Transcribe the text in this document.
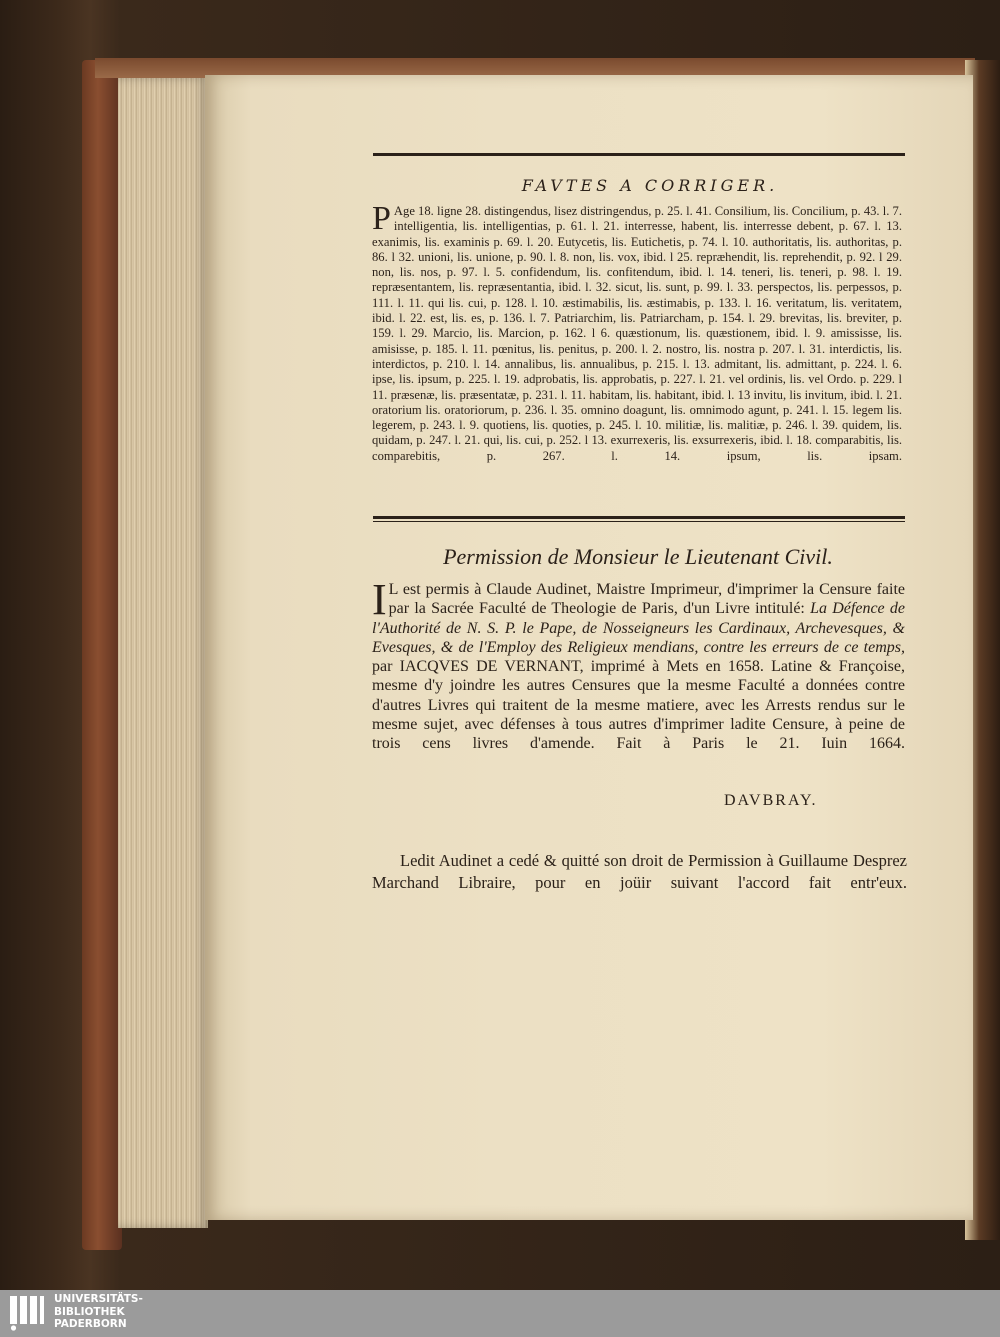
FAVTES A CORRIGER.
P Age 18. ligne 28. distingendus, lisez distringendus, p. 25. l. 41. Consilium, lis. Concilium, p. 43. l. 7. intelligentia, lis. intelligentias, p. 61. l. 21. interresse, habent, lis. interresse debent, p. 67. l. 13. exanimis, lis. examinis p. 69. l. 20. Eutycetis, lis. Eutichetis, p. 74. l. 10. authoritatis, lis. authoritas, p. 86. l 32. unioni, lis. unione, p. 90. l. 8. non, lis. vox, ibid. l 25. repræhendit, lis. reprehendit, p. 92. l 29. non, lis. nos, p. 97. l. 5. confidendum, lis. confitendum, ibid. l. 14. teneri, lis. teneri, p. 98. l. 19. repræsentantem, lis. repræsentantia, ibid. l. 32. sicut, lis. sunt, p. 99. l. 33. perspectos, lis. perpessos, p. 111. l. 11. qui lis. cui, p. 128. l. 10. æstimabilis, lis. æstimabis, p. 133. l. 16. veritatum, lis. veritatem, ibid. l. 22. est, lis. es, p. 136. l. 7. Patriarchim, lis. Patriarcham, p. 154. l. 29. brevitas, lis. breviter, p. 159. l. 29. Marcio, lis. Marcion, p. 162. l 6. quæstionum, lis. quæstionem, ibid. l. 9. amississe, lis. amisisse, p. 185. l. 11. pœnitus, lis. penitus, p. 200. l. 2. nostro, lis. nostra p. 207. l. 31. interdictis, lis. interdictos, p. 210. l. 14. annalibus, lis. annualibus, p. 215. l. 13. admitant, lis. admittant, p. 224. l. 6. ipse, lis. ipsum, p. 225. l. 19. adprobatis, lis. approbatis, p. 227. l. 21. vel ordinis, lis. vel Ordo. p. 229. l 11. præsenæ, lis. præsentatæ, p. 231. l. 11. habitam, lis. habitant, ibid. l. 13 invitu, lis invitum, ibid. l. 21. oratorium lis. oratoriorum, p. 236. l. 35. omnino doagunt, lis. omnimodo agunt, p. 241. l. 15. legem lis. legerem, p. 243. l. 9. quotiens, lis. quoties, p. 245. l. 10. militiæ, lis. malitiæ, p. 246. l. 39. quidem, lis. quidam, p. 247. l. 21. qui, lis. cui, p. 252. l 13. exurrexeris, lis. exsurrexeris, ibid. l. 18. comparabitis, lis. comparebitis, p. 267. l. 14. ipsum, lis. ipsam.
Permission de Monsieur le Lieutenant Civil.
I L est permis à Claude Audinet, Maistre Imprimeur, d'imprimer la Censure faite par la Sacrée Faculté de Theologie de Paris, d'un Livre intitulé: La Défence de l'Authorité de N. S. P. le Pape, de Nosseigneurs les Cardinaux, Archevesques, & Evesques, & de l'Employ des Religieux mendians, contre les erreurs de ce temps, par IACQVES DE VERNANT, imprimé à Mets en 1658. Latine & Françoise, mesme d'y joindre les autres Censures que la mesme Faculté a données contre d'autres Livres qui traitent de la mesme matiere, avec les Arrests rendus sur le mesme sujet, avec défenses à tous autres d'imprimer ladite Censure, à peine de trois cens livres d'amende. Fait à Paris le 21. Iuin 1664.
DAVBRAY.
Ledit Audinet a cedé & quitté son droit de Permission à Guillaume Desprez Marchand Libraire, pour en joüir suivant l'accord fait entr'eux.
UNIVERSITÄTS-
BIBLIOTHEK
PADERBORN
